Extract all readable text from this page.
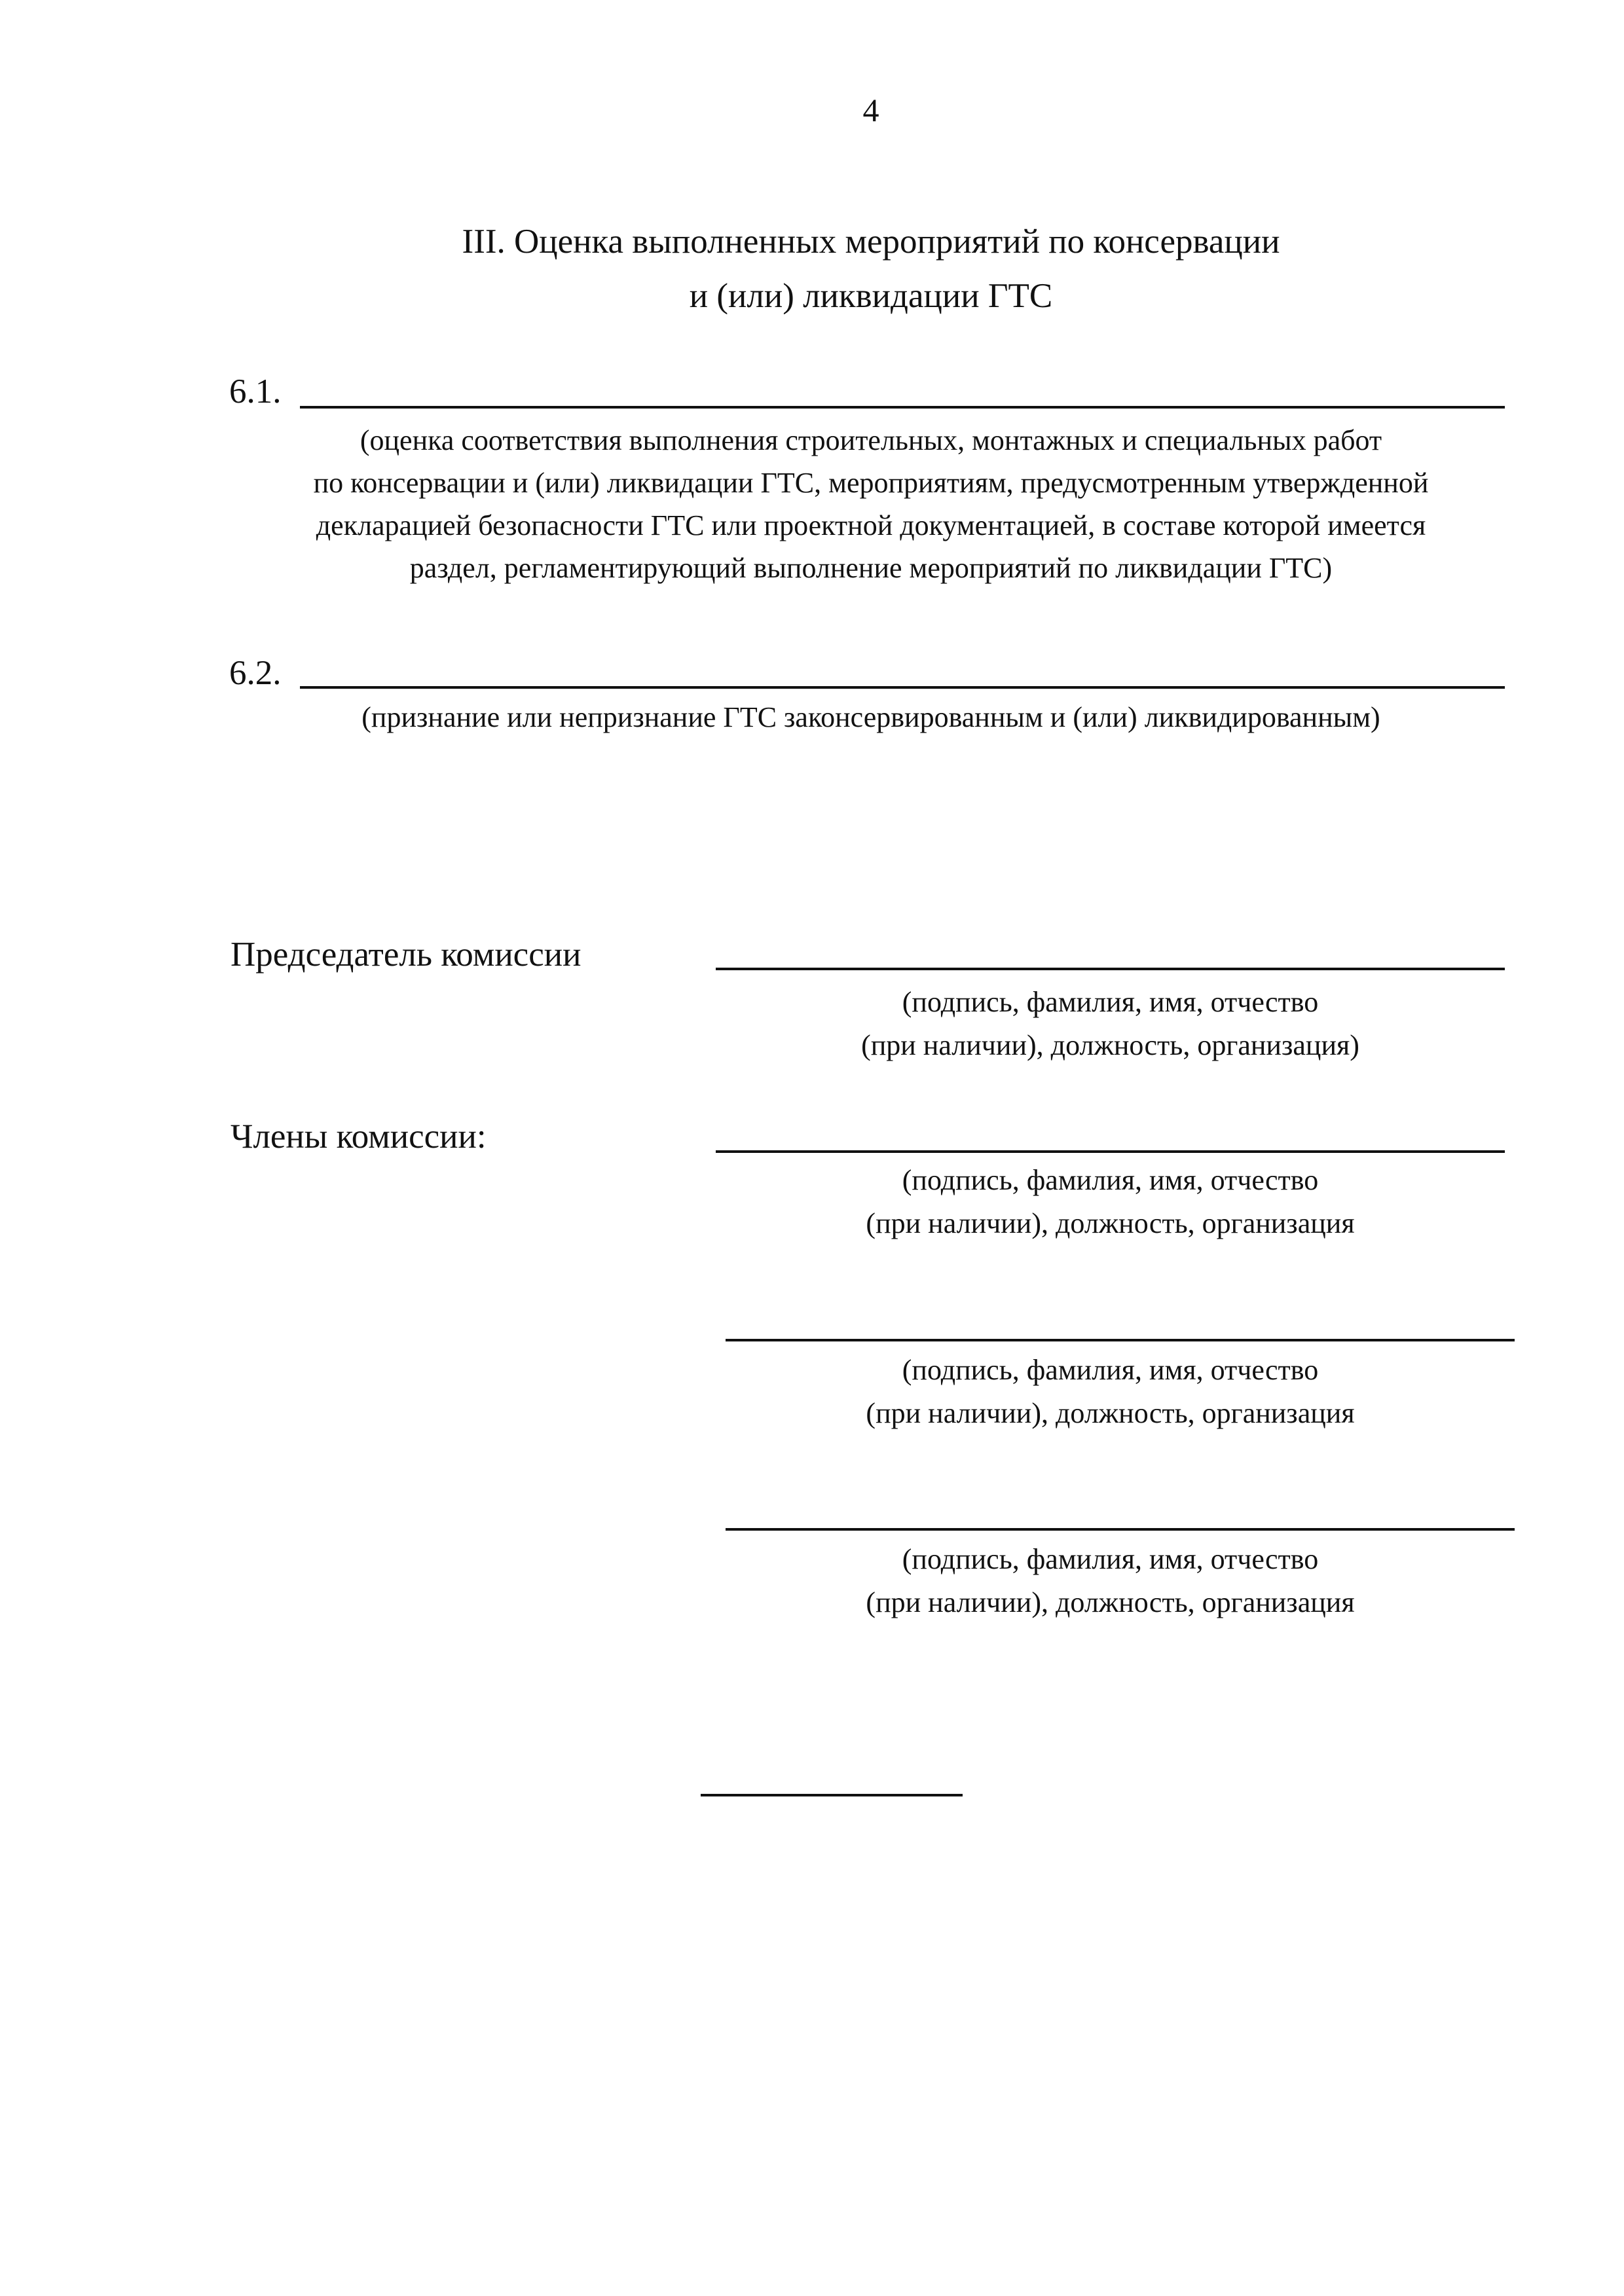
4
III. Оценка выполненных мероприятий по консервации
и (или) ликвидации ГТС
6.1.
(оценка соответствия выполнения строительных, монтажных и специальных работ
по консервации и (или) ликвидации ГТС, мероприятиям, предусмотренным утвержденной
декларацией безопасности ГТС или проектной документацией, в составе которой имеется
раздел, регламентирующий выполнение мероприятий по ликвидации ГТС)
6.2.
(признание или непризнание ГТС законсервированным и (или) ликвидированным)
Председатель комиссии
(подпись, фамилия, имя, отчество
(при наличии), должность, организация)
Члены комиссии:
(подпись, фамилия, имя, отчество
(при наличии), должность, организация
(подпись, фамилия, имя, отчество
(при наличии), должность, организация
(подпись, фамилия, имя, отчество
(при наличии), должность, организация
